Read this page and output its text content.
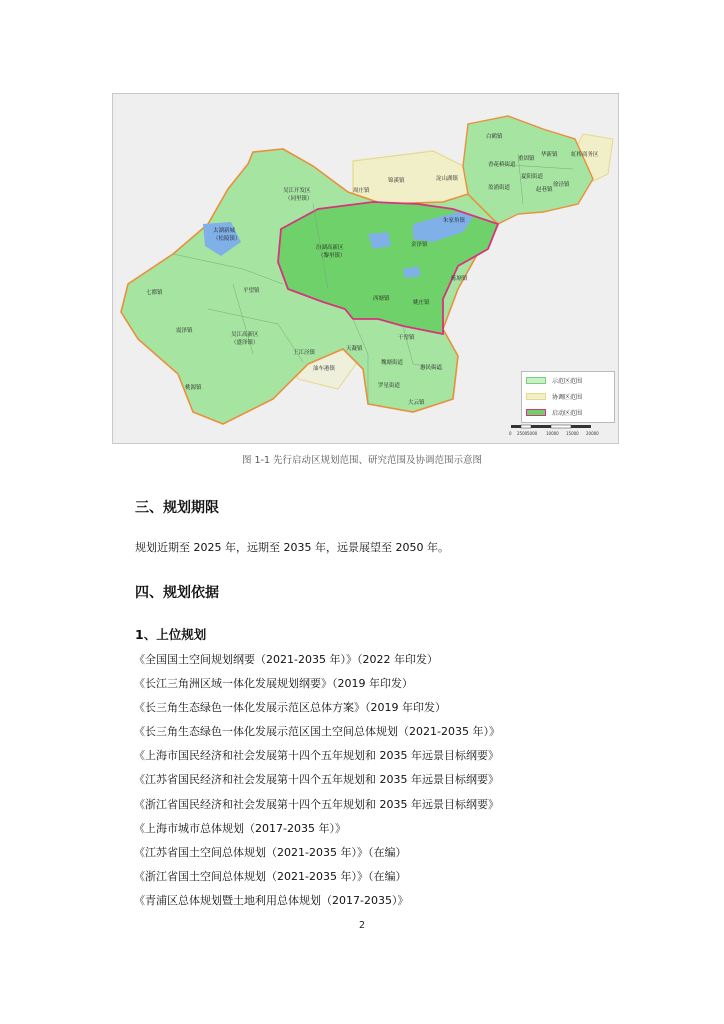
白鹤镇
华新镇 虹桥商务区
香花桥街道
重固镇
盈浦街道
夏阳街道
徐泾镇
赵巷镇
锦溪镇	淀山湖镇
周庄镇
朱家角镇
吴江开发区
（同里镇）
太湖新城
（松陵镇）
汾湖高新区
（黎里镇）
金泽镇
练塘镇
西塘镇
姚庄镇
平望镇
七都镇
震泽镇
吴江高新区
（盛泽镇）
桃源镇
王江泾镇
油车港镇
天凝镇
干窑镇
魏塘街道
惠民街道
罗星街道
大云镇
示范区范围
协调区范围
启动区范围
0 2500 5000 10000 15000 20000
图 1-1 先行启动区规划范围、研究范围及协调范围示意图
三、规划期限
规划近期至 2025 年，远期至 2035 年，远景展望至 2050 年。
四、规划依据
1、上位规划
《全国国土空间规划纲要（2021-2035 年）》（2022 年印发）
《长江三角洲区域一体化发展规划纲要》（2019 年印发）
《长三角生态绿色一体化发展示范区总体方案》（2019 年印发）
《长三角生态绿色一体化发展示范区国土空间总体规划（2021-2035 年）》
《上海市国民经济和社会发展第十四个五年规划和 2035 年远景目标纲要》
《江苏省国民经济和社会发展第十四个五年规划和 2035 年远景目标纲要》
《浙江省国民经济和社会发展第十四个五年规划和 2035 年远景目标纲要》
《上海市城市总体规划（2017-2035 年）》
《江苏省国土空间总体规划（2021-2035 年）》（在编）
《浙江省国土空间总体规划（2021-2035 年）》（在编）
《青浦区总体规划暨土地利用总体规划（2017-2035）》
2
